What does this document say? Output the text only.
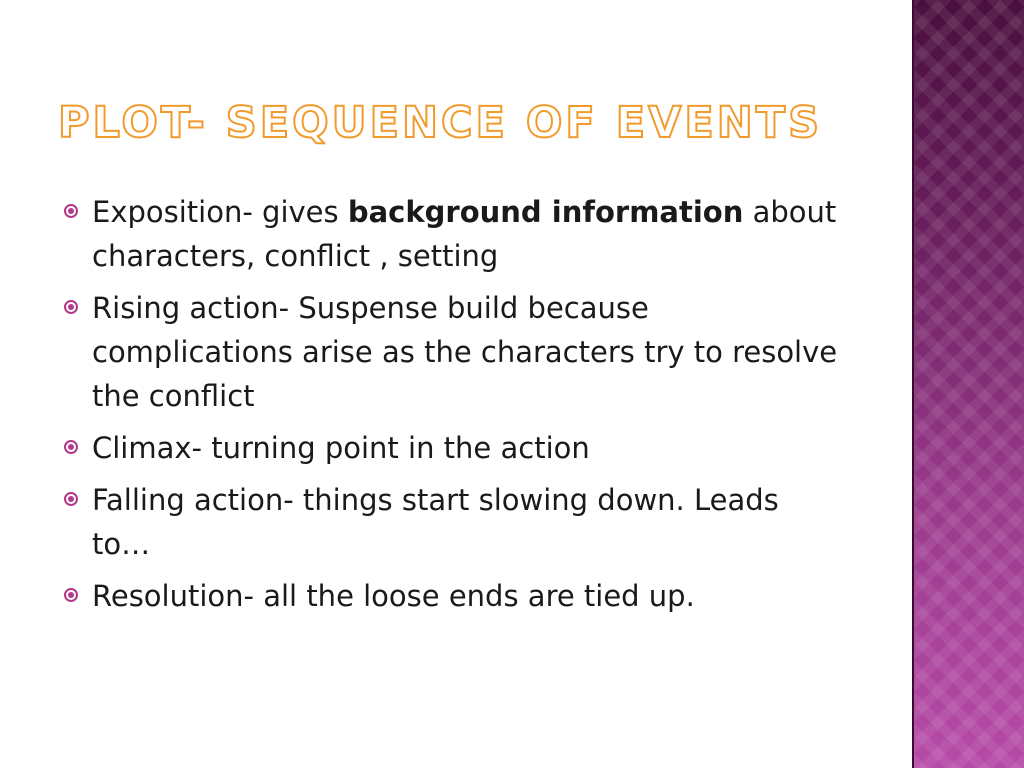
PLOT- SEQUENCE OF EVENTS
Exposition- gives background information about characters, conflict , setting
Rising action- Suspense build because complications arise as the characters try to resolve the conflict
Climax- turning point in the action
Falling action- things start slowing down. Leads to…
Resolution- all the loose ends are tied up.
